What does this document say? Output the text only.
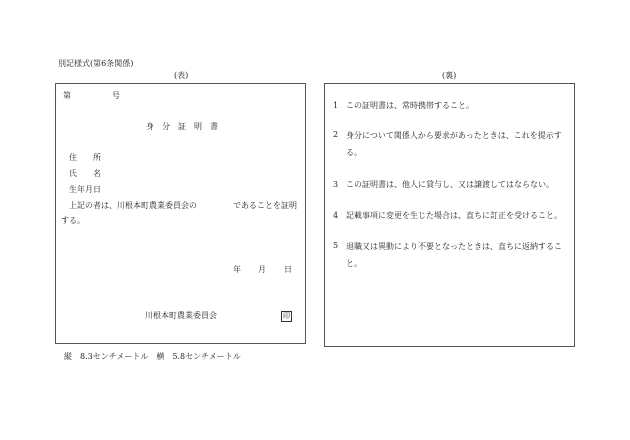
別記様式(第6条関係)
(表)	(裏)
第	号
身分証明書
住　　所
氏　　名
生年月日
上記の者は、川根本町農業委員会の	であることを証明
する。
年 月 日
川根本町農業委員会	印
1 この証明書は、常時携帯すること。
2 身分について関係人から要求があったときは、これを提示する。
3 この証明書は、他人に貸与し、又は譲渡してはならない。
4 記載事項に変更を生じた場合は、直ちに訂正を受けること。
5 退職又は異動により不要となったときは、直ちに返納すること。
縦　8.3センチメートル　横　5.8センチメートル
